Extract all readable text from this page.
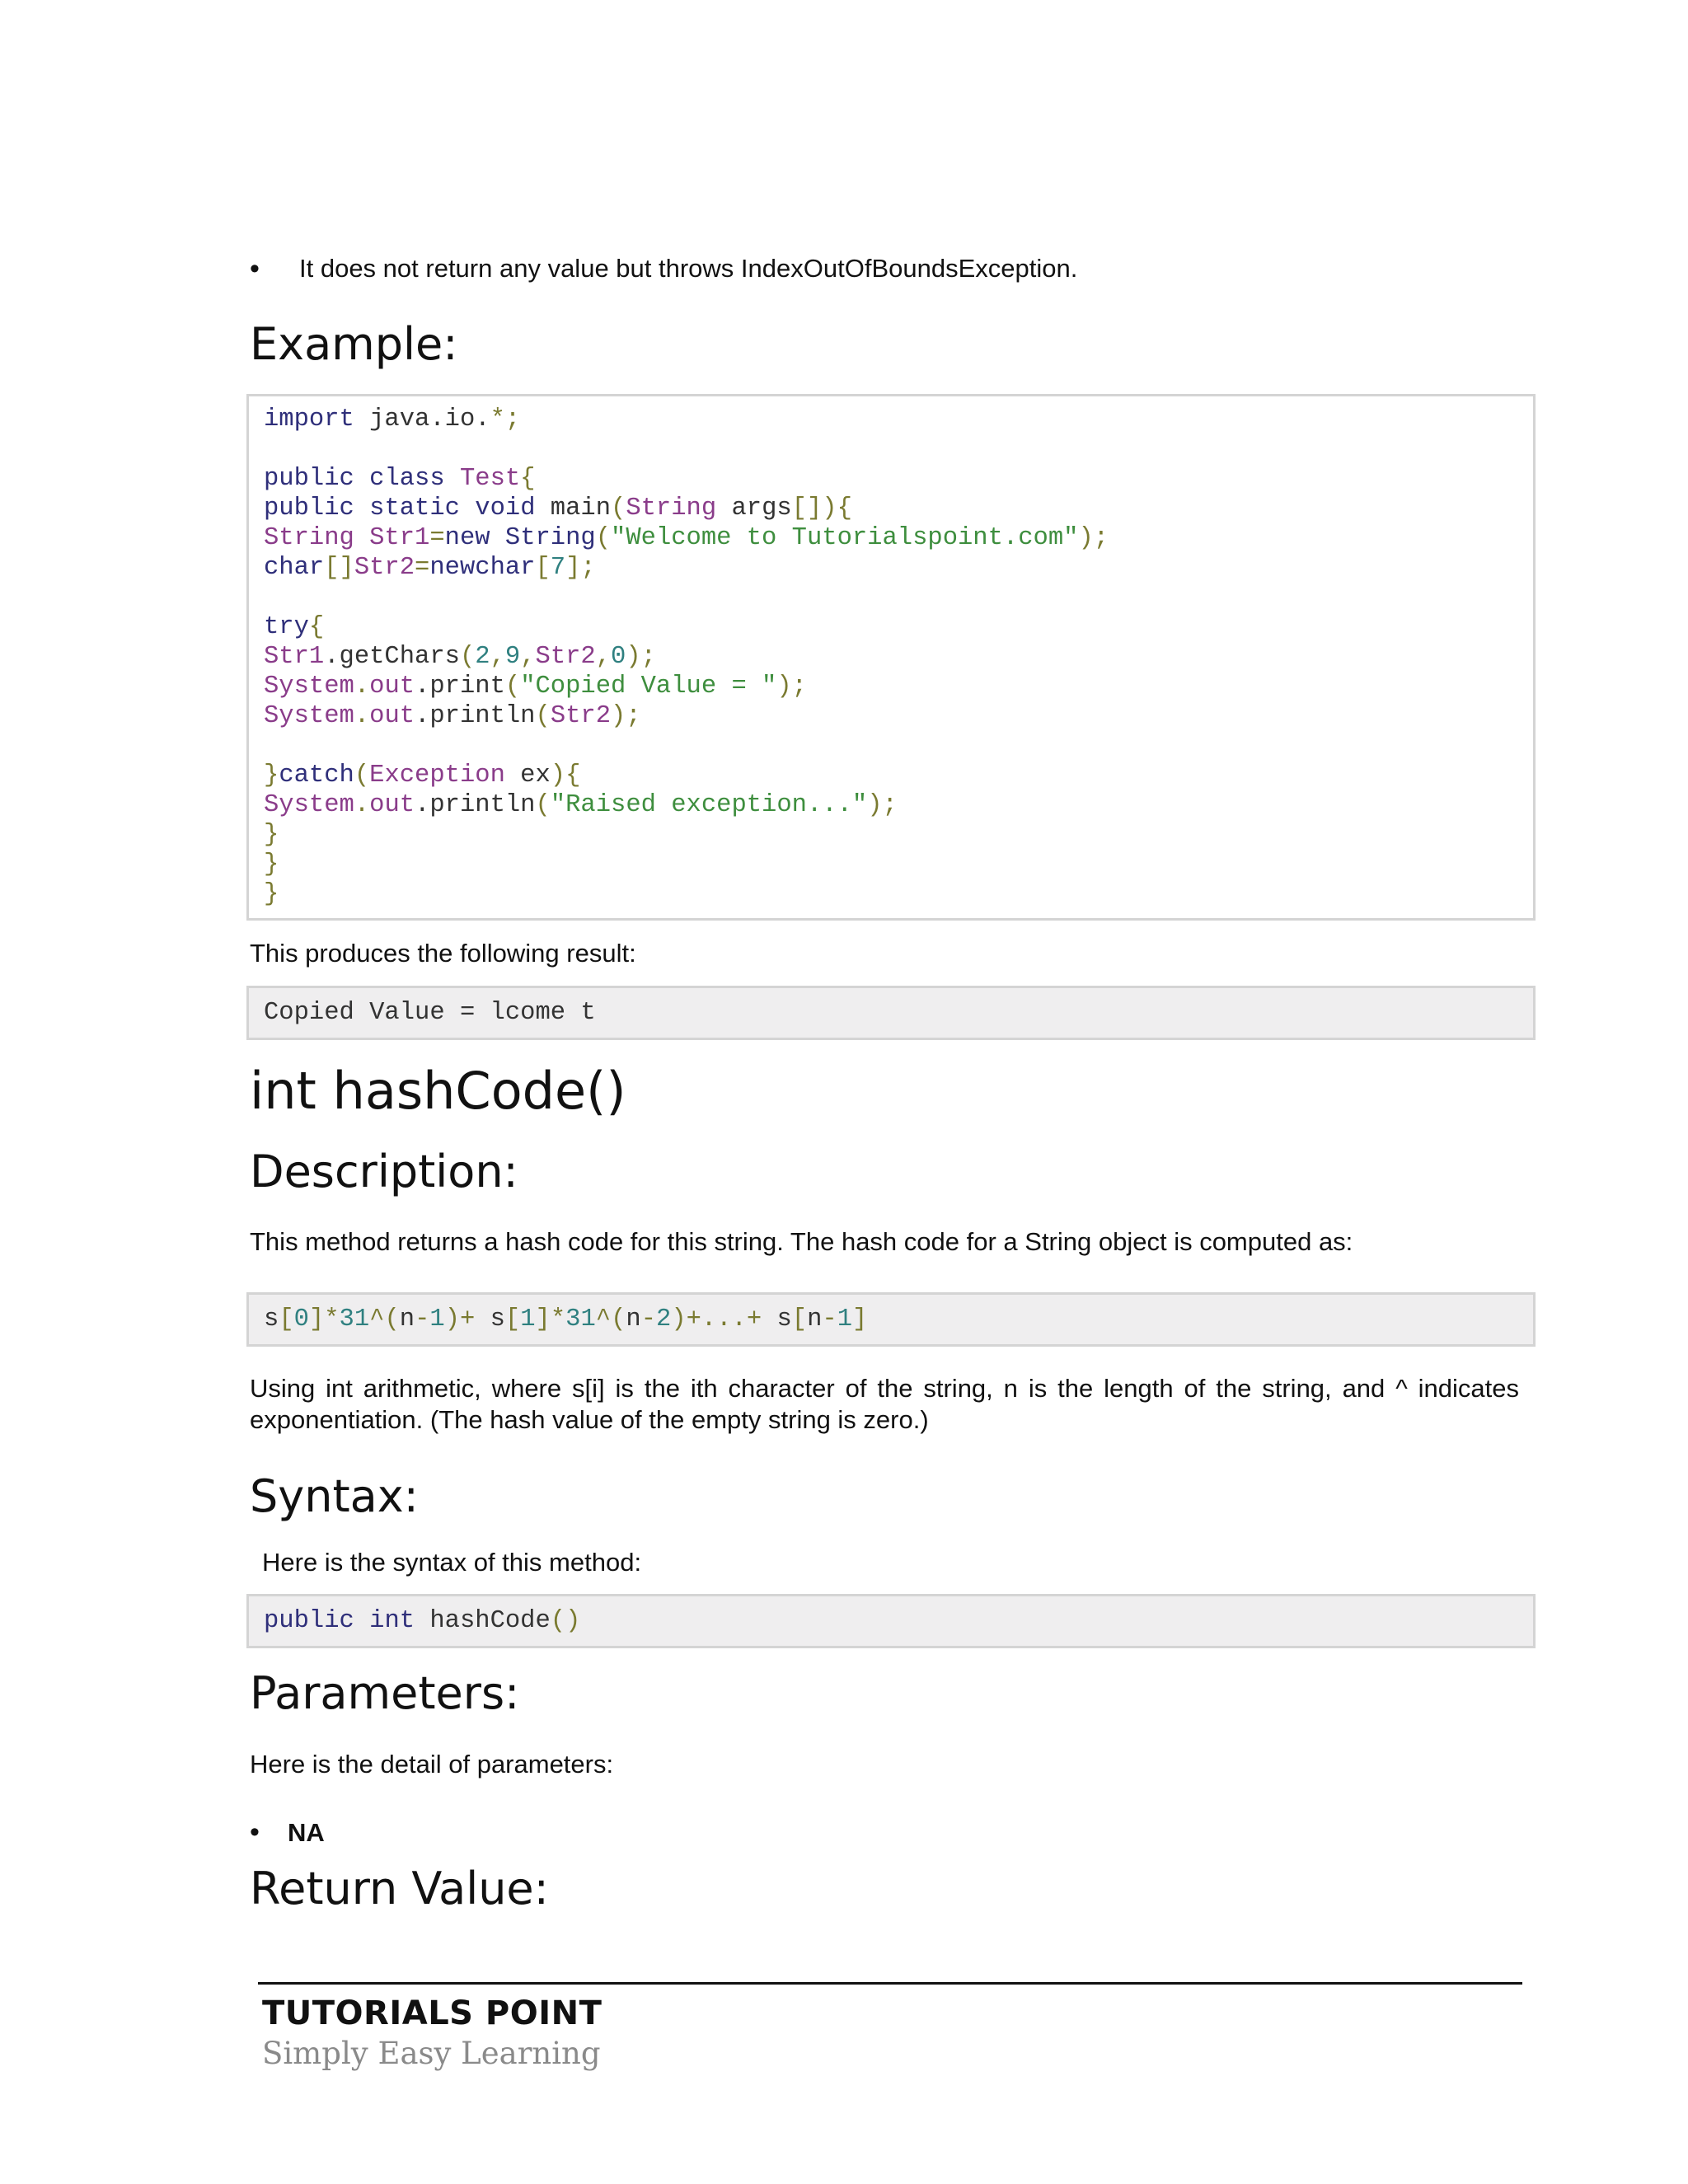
•	It does not return any value but throws IndexOutOfBoundsException.
Example:
import java.io.*;

public class Test{
public static void main(String args[]){
String Str1=new String("Welcome to Tutorialspoint.com");
char[]Str2=newchar[7];

try{
Str1.getChars(2,9,Str2,0);
System.out.print("Copied Value = ");
System.out.println(Str2);

}catch(Exception ex){
System.out.println("Raised exception...");
}
}
}
This produces the following result:
Copied Value = lcome t
int hashCode()
Description:
This method returns a hash code for this string. The hash code for a String object is computed as:
s[0]*31^(n-1)+ s[1]*31^(n-2)+...+ s[n-1]
Using int arithmetic, where s[i] is the ith character of the string, n is the length of the string, and ^ indicates exponentiation. (The hash value of the empty string is zero.)
Syntax:
Here is the syntax of this method:
public int hashCode()
Parameters:
Here is the detail of parameters:
•	NA
Return Value:
TUTORIALS POINT
Simply Easy Learning
